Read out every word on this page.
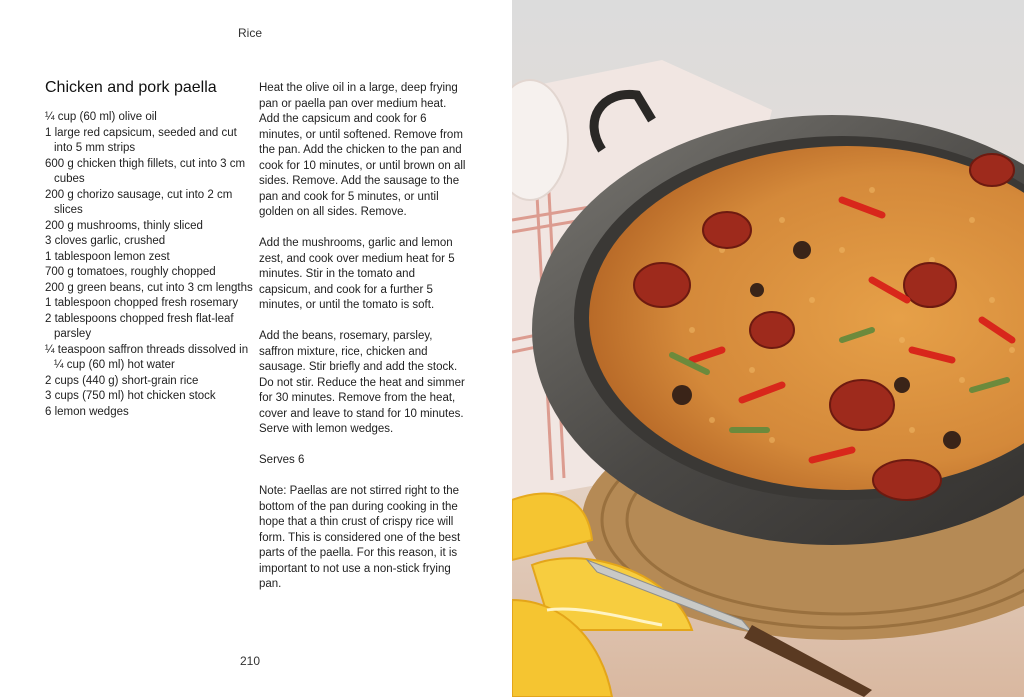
Rice
Chicken and pork paella
¼ cup (60 ml) olive oil
1 large red capsicum, seeded and cut into 5 mm strips
600 g chicken thigh fillets, cut into 3 cm cubes
200 g chorizo sausage, cut into 2 cm slices
200 g mushrooms, thinly sliced
3 cloves garlic, crushed
1 tablespoon lemon zest
700 g tomatoes, roughly chopped
200 g green beans, cut into 3 cm lengths
1 tablespoon chopped fresh rosemary
2 tablespoons chopped fresh flat-leaf parsley
¼ teaspoon saffron threads dissolved in ¼ cup (60 ml) hot water
2 cups (440 g) short-grain rice
3 cups (750 ml) hot chicken stock
6 lemon wedges

Heat the olive oil in a large, deep frying pan or paella pan over medium heat. Add the capsicum and cook for 6 minutes, or until softened. Remove from the pan. Add the chicken to the pan and cook for 10 minutes, or until brown on all sides. Remove. Add the sausage to the pan and cook for 5 minutes, or until golden on all sides. Remove.

Add the mushrooms, garlic and lemon zest, and cook over medium heat for 5 minutes. Stir in the tomato and capsicum, and cook for a further 5 minutes, or until the tomato is soft.

Add the beans, rosemary, parsley, saffron mixture, rice, chicken and sausage. Stir briefly and add the stock. Do not stir. Reduce the heat and simmer for 30 minutes. Remove from the heat, cover and leave to stand for 10 minutes. Serve with lemon wedges.

Serves 6

Note: Paellas are not stirred right to the bottom of the pan during cooking in the hope that a thin crust of crispy rice will form. This is considered one of the best parts of the paella. For this reason, it is important to not use a non-stick frying pan.

210
